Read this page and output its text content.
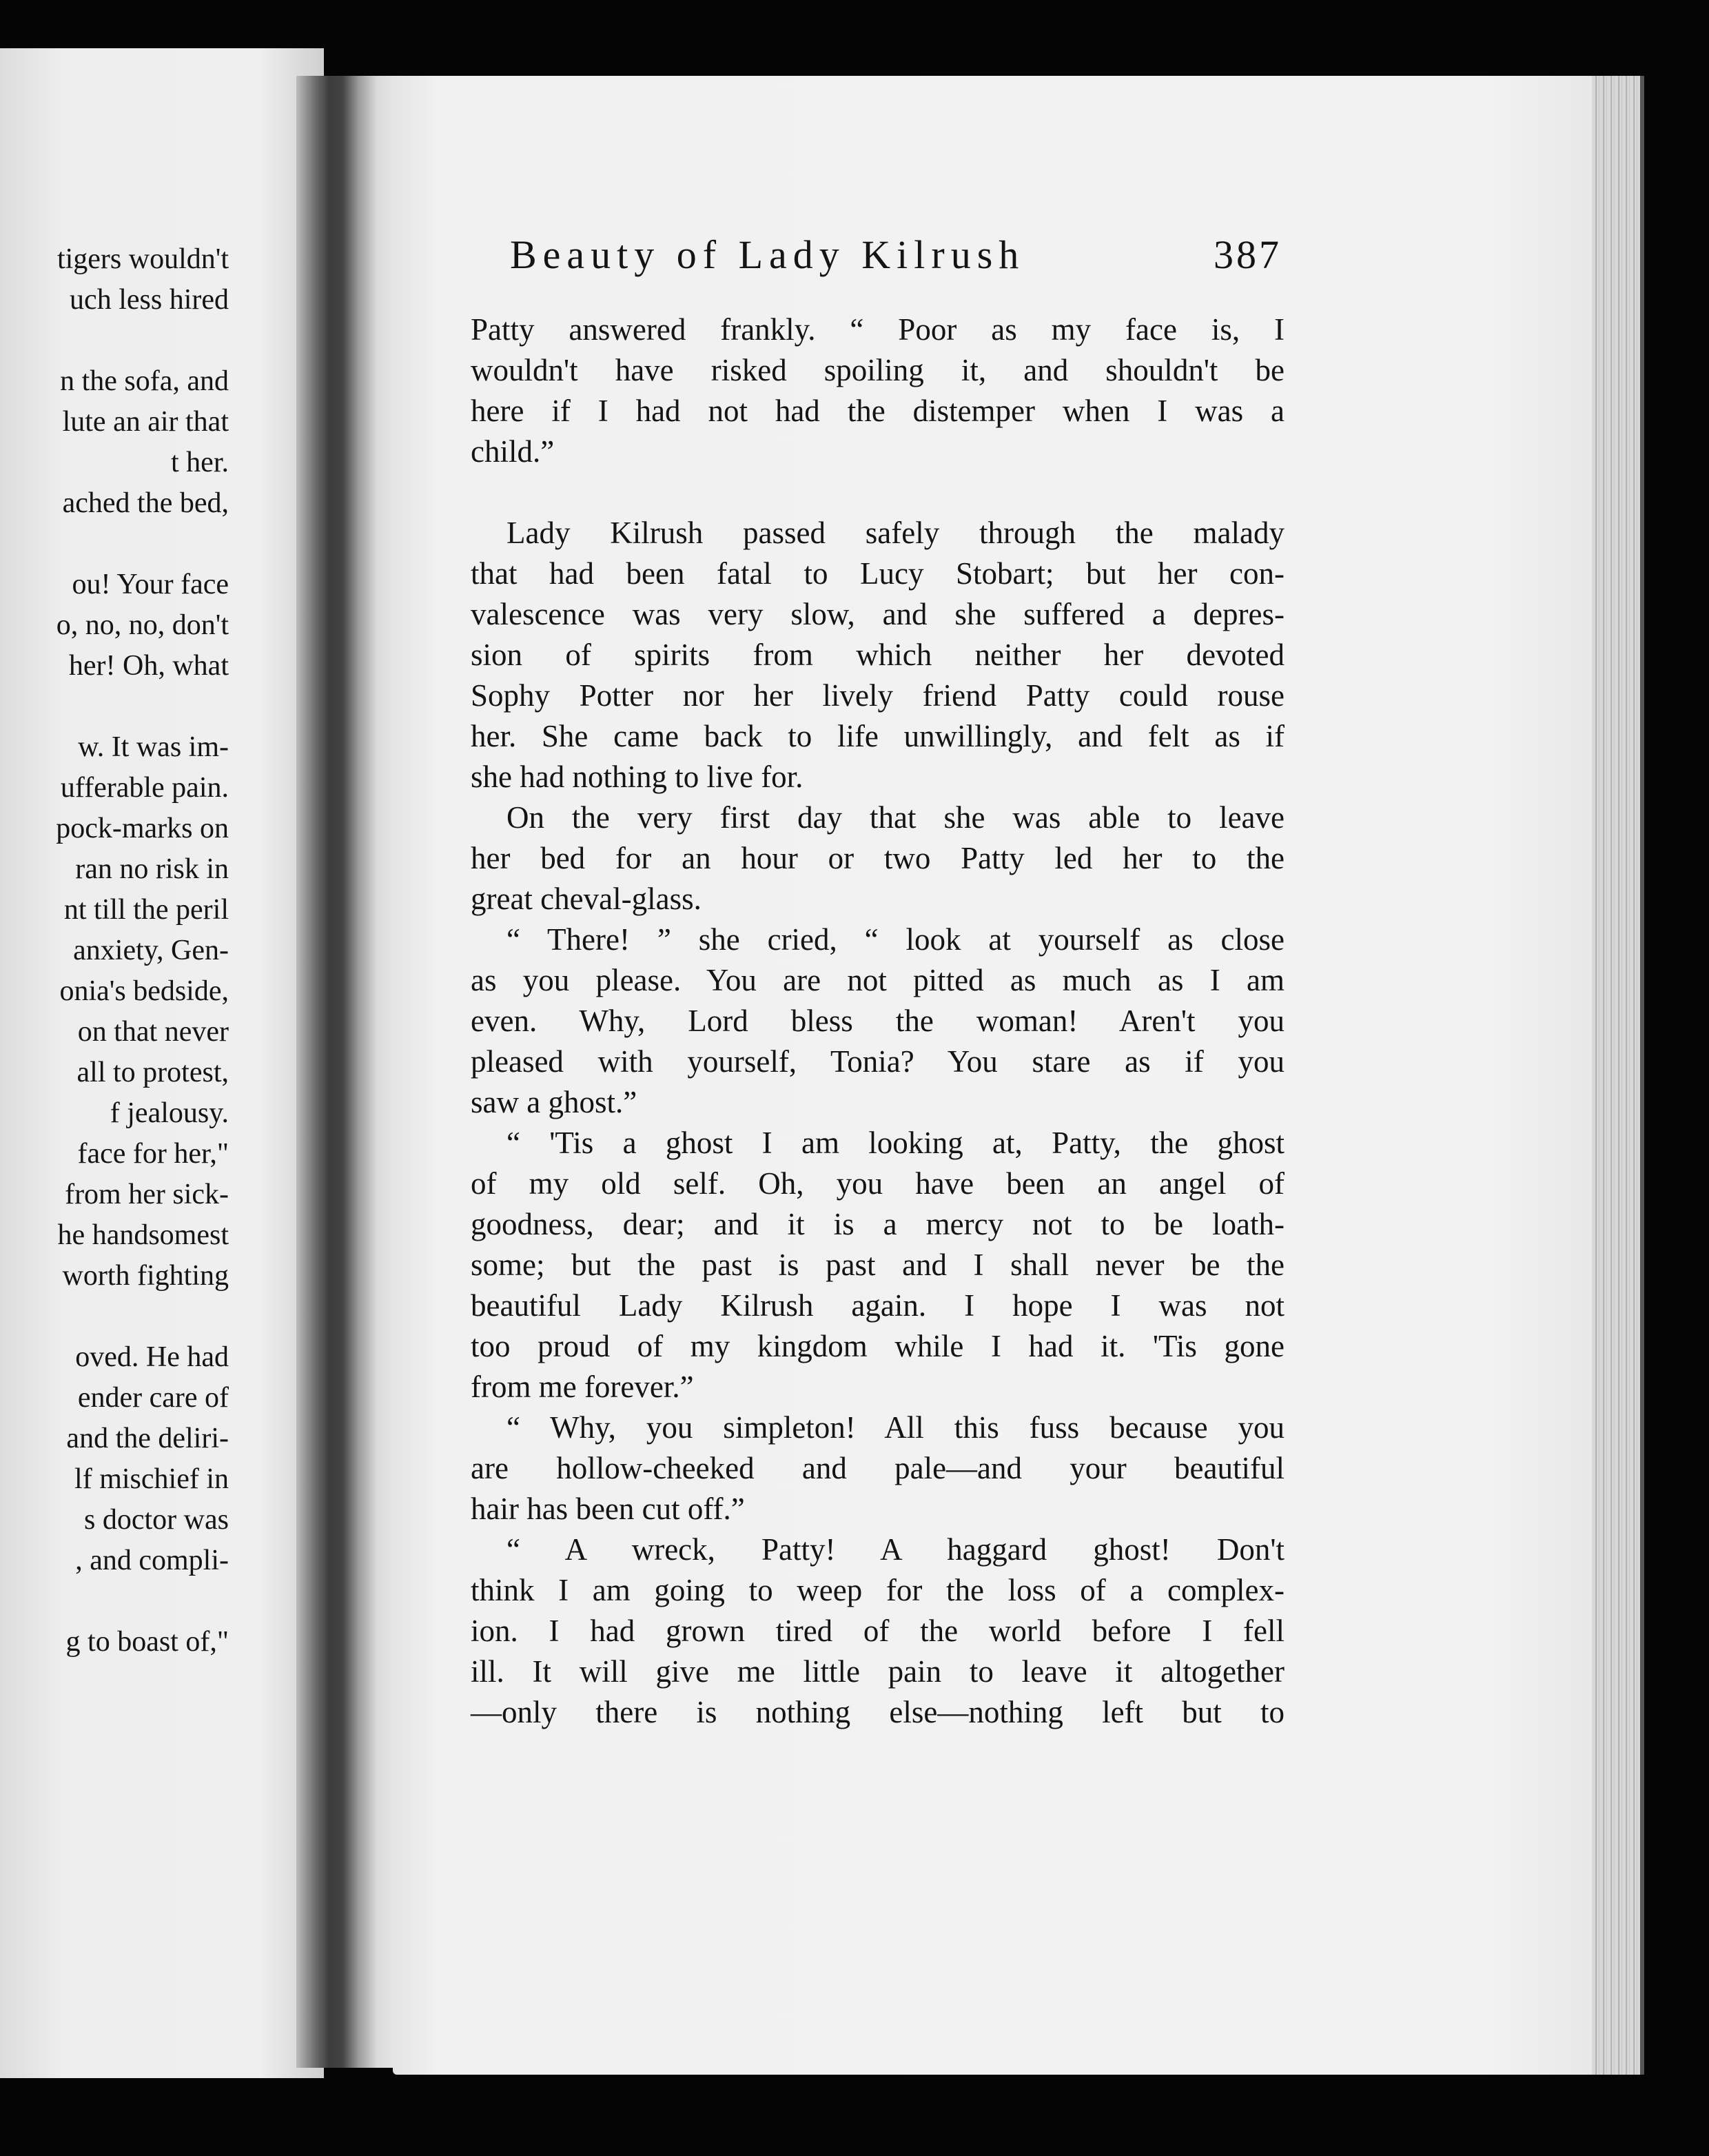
tigers wouldn't
uch less hired
n the sofa, and
lute an air that
t her.
ached the bed,
ou! Your face
o, no, no, don't
her! Oh, what
w. It was im-
ufferable pain.
pock-marks on
ran no risk in
nt till the peril
anxiety, Gen-
onia's bedside,
on that never
all to protest,
f jealousy.
face for her,"
from her sick-
he handsomest
worth fighting
oved. He had
ender care of
and the deliri-
lf mischief in
s doctor was
, and compli-
g to boast of,"
Beauty of Lady Kilrush	387
Patty answered frankly. “ Poor as my face is, I
wouldn't have risked spoiling it, and shouldn't be
here if I had not had the distemper when I was a
child.”
Lady Kilrush passed safely through the malady
that had been fatal to Lucy Stobart; but her con-
valescence was very slow, and she suffered a depres-
sion of spirits from which neither her devoted
Sophy Potter nor her lively friend Patty could rouse
her. She came back to life unwillingly, and felt as if
she had nothing to live for.
On the very first day that she was able to leave
her bed for an hour or two Patty led her to the
great cheval-glass.
“ There! ” she cried, “ look at yourself as close
as you please. You are not pitted as much as I am
even. Why, Lord bless the woman! Aren't you
pleased with yourself, Tonia? You stare as if you
saw a ghost.”
“ 'Tis a ghost I am looking at, Patty, the ghost
of my old self. Oh, you have been an angel of
goodness, dear; and it is a mercy not to be loath-
some; but the past is past and I shall never be the
beautiful Lady Kilrush again. I hope I was not
too proud of my kingdom while I had it. 'Tis gone
from me forever.”
“ Why, you simpleton! All this fuss because you
are hollow-cheeked and pale—and your beautiful
hair has been cut off.”
“ A wreck, Patty! A haggard ghost! Don't
think I am going to weep for the loss of a complex-
ion. I had grown tired of the world before I fell
ill. It will give me little pain to leave it altogether
—only there is nothing else—nothing left but to
